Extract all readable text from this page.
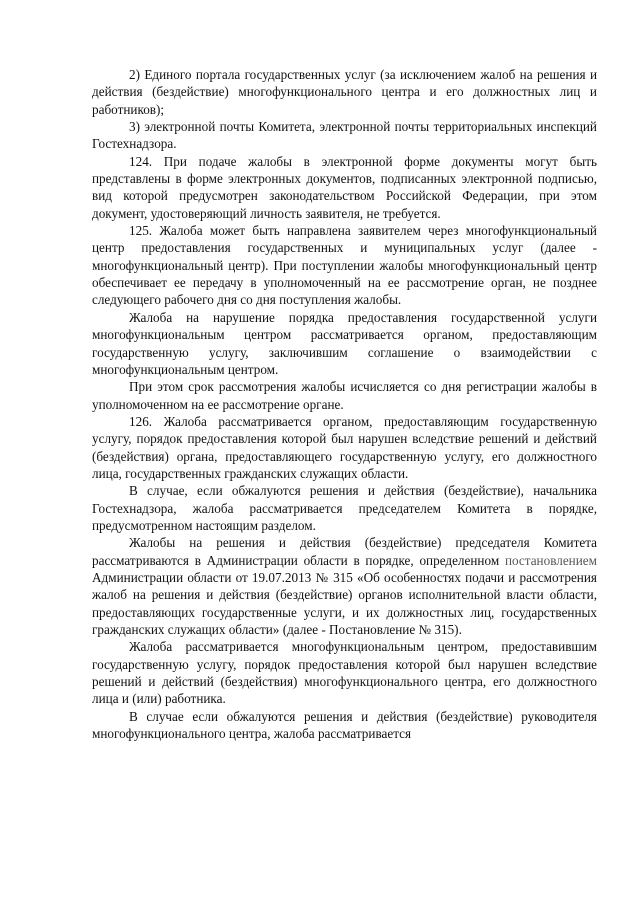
2) Единого портала государственных услуг (за исключением жалоб на решения и действия (бездействие) многофункционального центра и его должностных лиц и работников);

3) электронной почты Комитета, электронной почты территориальных инспекций Гостехнадзора.

124. При подаче жалобы в электронной форме документы могут быть представлены в форме электронных документов, подписанных электронной подписью, вид которой предусмотрен законодательством Российской Федерации, при этом документ, удостоверяющий личность заявителя, не требуется.

125. Жалоба может быть направлена заявителем через многофункциональный центр предоставления государственных и муниципальных услуг (далее - многофункциональный центр). При поступлении жалобы многофункциональный центр обеспечивает ее передачу в уполномоченный на ее рассмотрение орган, не позднее следующего рабочего дня со дня поступления жалобы.

Жалоба на нарушение порядка предоставления государственной услуги многофункциональным центром рассматривается органом, предоставляющим государственную услугу, заключившим соглашение о взаимодействии с многофункциональным центром.

При этом срок рассмотрения жалобы исчисляется со дня регистрации жалобы в уполномоченном на ее рассмотрение органе.

126. Жалоба рассматривается органом, предоставляющим государственную услугу, порядок предоставления которой был нарушен вследствие решений и действий (бездействия) органа, предоставляющего государственную услугу, его должностного лица, государственных гражданских служащих области.

В случае, если обжалуются решения и действия (бездействие), начальника Гостехнадзора, жалоба рассматривается председателем Комитета в порядке, предусмотренном настоящим разделом.

Жалобы на решения и действия (бездействие) председателя Комитета рассматриваются в Администрации области в порядке, определенном постановлением Администрации области от 19.07.2013 № 315 «Об особенностях подачи и рассмотрения жалоб на решения и действия (бездействие) органов исполнительной власти области, предоставляющих государственные услуги, и их должностных лиц, государственных гражданских служащих области» (далее - Постановление № 315).

Жалоба рассматривается многофункциональным центром, предоставившим государственную услугу, порядок предоставления которой был нарушен вследствие решений и действий (бездействия) многофункционального центра, его должностного лица и (или) работника.

В случае если обжалуются решения и действия (бездействие) руководителя многофункционального центра, жалоба рассматривается
